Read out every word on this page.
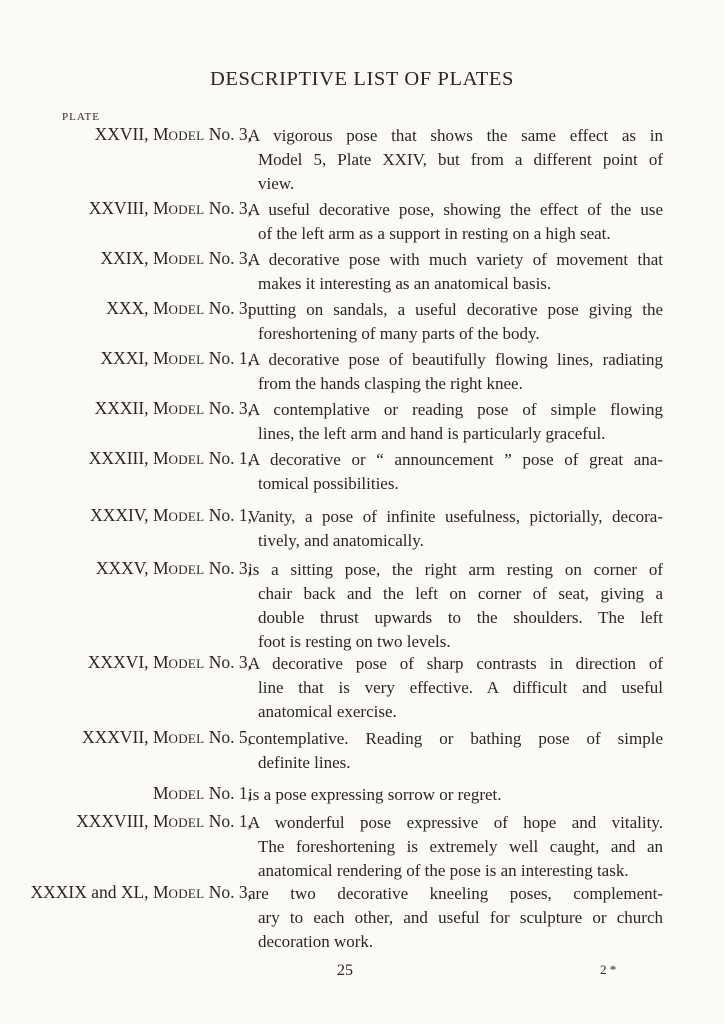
DESCRIPTIVE LIST OF PLATES
PLATE
XXVII, MODEL No. 3,
A vigorous pose that shows the same effect as in
Model 5, Plate XXIV, but from a different point of
view.
XXVIII, MODEL No. 3,
A useful decorative pose, showing the effect of the use
of the left arm as a support in resting on a high seat.
XXIX, MODEL No. 3,
A decorative pose with much variety of movement that
makes it interesting as an anatomical basis.
XXX, MODEL No. 3,
putting on sandals, a useful decorative pose giving the
foreshortening of many parts of the body.
XXXI, MODEL No. 1,
A decorative pose of beautifully flowing lines, radiating
from the hands clasping the right knee.
XXXII, MODEL No. 3,
A contemplative or reading pose of simple flowing
lines, the left arm and hand is particularly graceful.
XXXIII, MODEL No. 1,
A decorative or “ announcement ” pose of great ana-
tomical possibilities.
XXXIV, MODEL No. 1,
Vanity, a pose of infinite usefulness, pictorially, decora-
tively, and anatomically.
XXXV, MODEL No. 3,
is a sitting pose, the right arm resting on corner of
chair back and the left on corner of seat, giving a
double thrust upwards to the shoulders. The left
foot is resting on two levels.
XXXVI, MODEL No. 3,
A decorative pose of sharp contrasts in direction of
line that is very effective. A difficult and useful
anatomical exercise.
XXXVII, MODEL No. 5,
contemplative. Reading or bathing pose of simple
definite lines.
MODEL No. 1,
is a pose expressing sorrow or regret.
XXXVIII, MODEL No. 1,
A wonderful pose expressive of hope and vitality.
The foreshortening is extremely well caught, and an
anatomical rendering of the pose is an interesting task.
XXXIX and XL, MODEL No. 3,
are two decorative kneeling poses, complement-
ary to each other, and useful for sculpture or church
decoration work.
25	2 *
